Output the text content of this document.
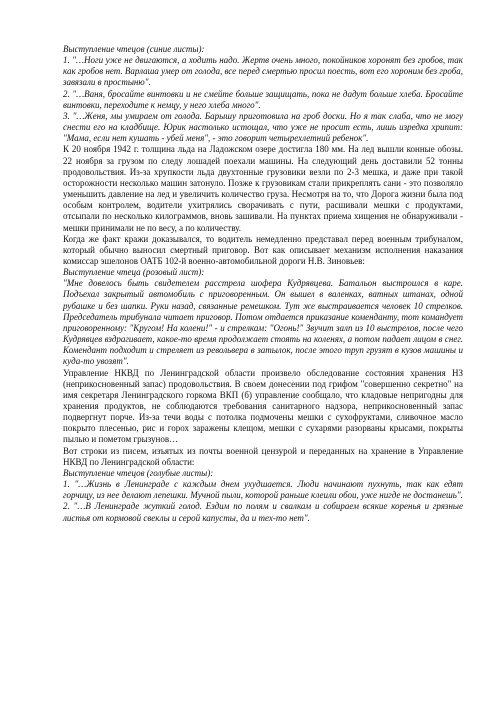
Выступление чтецов (синие листы):

1. "…Ноги уже не двигаются, а ходить надо. Жертв очень много, покойников хоронят без гробов, так как гробов нет. Варлаша умер от голода, все перед смертью просил поесть, вот его хороним без гроба, завязали в простыню".

2. "…Ваня, бросайте винтовки и не смейте больше защищать, пока не дадут больше хлеба. Бросайте винтовки, переходите к немцу, у него хлеба много".

3. "…Женя, мы умираем от голода. Барышу приготовила на гроб доски. Но я так слаба, что не могу снести его на кладбище. Юрик настолько истощал, что уже не просит есть, лишь изредка хрипит: "Мама, если нет кушать - убей меня", - это говорит четырехлетний ребенок".

К 20 ноября 1942 г. толщина льда на Ладожском озере достигла 180 мм. На лед вышли конные обозы. 22 ноября за грузом по следу лошадей поехали машины. На следующий день доставили 52 тонны продовольствия. Из-за хрупкости льда двухтонные грузовики везли по 2-3 мешка, и даже при такой осторожности несколько машин затонуло. Позже к грузовикам стали прикреплять сани - это позволяло уменьшить давление на лед и увеличить количество груза. Несмотря на то, что Дорога жизни была под особым контролем, водители ухитрялись сворачивать с пути, расшивали мешки с продуктами, отсыпали по несколько килограммов, вновь зашивали. На пунктах приема хищения не обнаруживали - мешки принимали не по весу, а по количеству.

Когда же факт кражи доказывался, то водитель немедленно представал перед военным трибуналом, который обычно выносил смертный приговор. Вот как описывает механизм исполнения наказания комиссар эшелонов ОАТБ 102-й военно-автомобильной дороги Н.В. Зиновьев:

Выступление чтеца (розовый лист):

"Мне довелось быть свидетелем расстрела шофера Кудрявцева. Батальон выстроился в каре. Подъехал закрытый автомобиль с приговоренным. Он вышел в валенках, ватных штанах, одной рубашке и без шапки. Руки назад, связанные ремешком. Тут же выстраивается человек 10 стрелков. Председатель трибунала читает приговор. Потом отдается приказание коменданту, тот командует приговоренному: "Кругом! На колени!" - и стрелкам: "Огонь!" Звучит залп из 10 выстрелов, после чего Кудрявцев вздрагивает, какое-то время продолжает стоять на коленях, а потом падает лицом в снег. Комендант подходит и стреляет из револьвера в затылок, после этого труп грузят в кузов машины и куда-то увозят".

Управление НКВД по Ленинградской области произвело обследование состояния хранения НЗ (неприкосновенный запас) продовольствия. В своем донесении под грифом "совершенно секретно" на имя секретаря Ленинградского горкома ВКП (б) управление сообщало, что кладовые непригодны для хранения продуктов, не соблюдаются требования санитарного надзора, неприкосновенный запас подвергнут порче. Из-за течи воды с потолка подмочены мешки с сухофруктами, сливочное масло покрыто плесенью, рис и горох заражены клещом, мешки с сухарями разорваны крысами, покрыты пылью и пометом грызунов…

Вот строки из писем, изъятых из почты военной цензурой и переданных на хранение в Управление НКВД по Ленинградской области:

Выступление чтецов (голубые листы):

1. "…Жизнь в Ленинграде с каждым днем ухудшается. Люди начинают пухнуть, так как едят горчицу, из нее делают лепешки. Мучной пыли, которой раньше клеили обои, уже нигде не достанешь".

2. "…В Ленинграде жуткий голод. Ездим по полям и свалкам и собираем всякие коренья и грязные листья от кормовой свеклы и серой капусты, да и тех-то нет".
